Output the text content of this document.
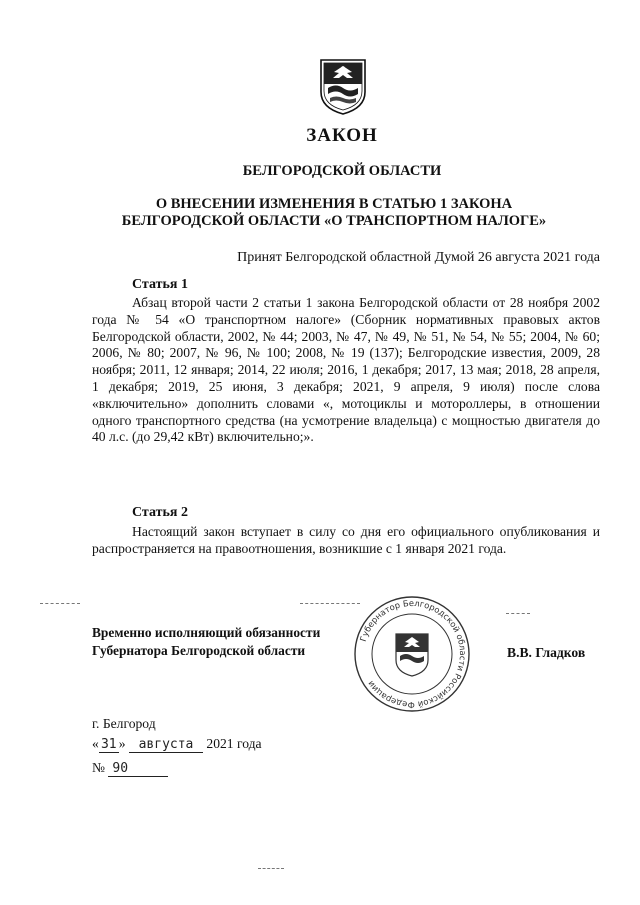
ЗАКОН
БЕЛГОРОДСКОЙ ОБЛАСТИ
О ВНЕСЕНИИ ИЗМЕНЕНИЯ В СТАТЬЮ 1 ЗАКОНА
БЕЛГОРОДСКОЙ ОБЛАСТИ «О ТРАНСПОРТНОМ НАЛОГЕ»
Принят Белгородской областной Думой 26 августа 2021 года
Статья 1
Абзац второй части 2 статьи 1 закона Белгородской области от 28 ноября 2002 года № 54 «О транспортном налоге» (Сборник нормативных правовых актов Белгородской области, 2002, № 44; 2003, № 47, № 49, № 51, № 54, № 55; 2004, № 60; 2006, № 80; 2007, № 96, № 100; 2008, № 19 (137); Белгородские известия, 2009, 28 ноября; 2011, 12 января; 2014, 22 июля; 2016, 1 декабря; 2017, 13 мая; 2018, 28 апреля, 1 декабря; 2019, 25 июня, 3 декабря; 2021, 9 апреля, 9 июля) после слова «включительно» дополнить словами «, мотоциклы и мотороллеры, в отношении одного транспортного средства (на усмотрение владельца) с мощностью двигателя до 40 л.с. (до 29,42 кВт) включительно;».
Статья 2
Настоящий закон вступает в силу со дня его официального опубликования и распространяется на правоотношения, возникшие с 1 января 2021 года.
Временно исполняющий обязанности
Губернатора Белгородской области
Губернатор Белгородской области Российской Федерации
В.В. Гладков
г. Белгород
« 31 » августа 2021 года
№ 90
